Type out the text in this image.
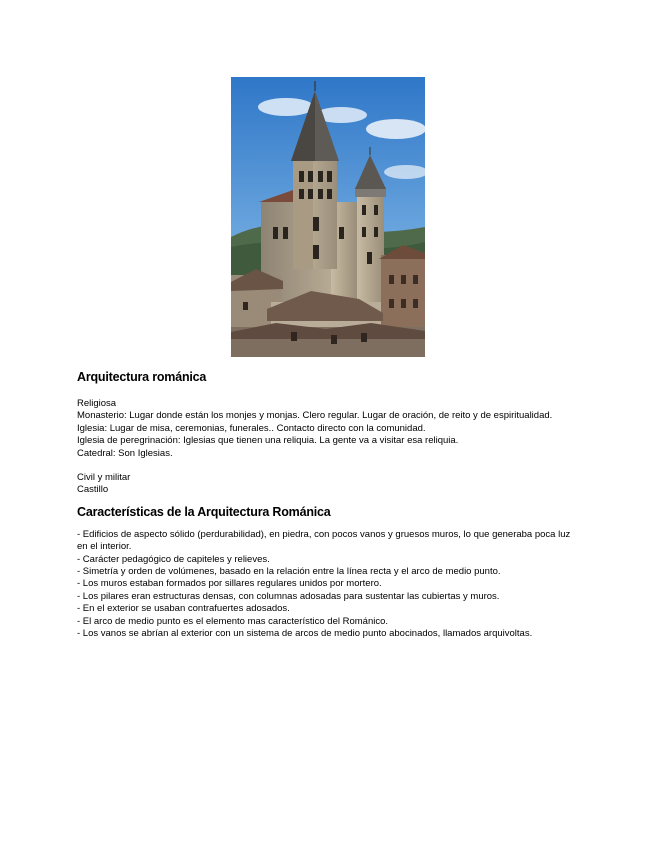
Arquitectura románica

Religiosa

Monasterio: Lugar donde están los monjes y monjas. Clero regular. Lugar de oración, de reito y de espiritualidad.

Iglesia: Lugar de misa, ceremonias, funerales.. Contacto directo con la comunidad.

Iglesia de peregrinación: Iglesias que tienen una reliquia. La gente va a visitar esa reliquia.

Catedral: Son Iglesias.

Civil y militar

Castillo

Características de la Arquitectura Románica

- Edificios de aspecto sólido (perdurabilidad), en piedra, con pocos vanos y gruesos muros, lo que generaba poca luz en el interior.

- Carácter pedagógico de capiteles y relieves.

- Simetría y orden de volúmenes, basado en la relación entre la línea recta y el arco de medio punto.

- Los muros estaban formados por sillares regulares unidos por mortero.

- Los pilares eran estructuras densas, con columnas adosadas para sustentar las cubiertas y muros.

- En el exterior se usaban contrafuertes adosados.

- El arco de medio punto es el elemento mas característico del Románico.

- Los vanos se abrían al exterior con un sistema de arcos de medio punto abocinados, llamados arquivoltas.
